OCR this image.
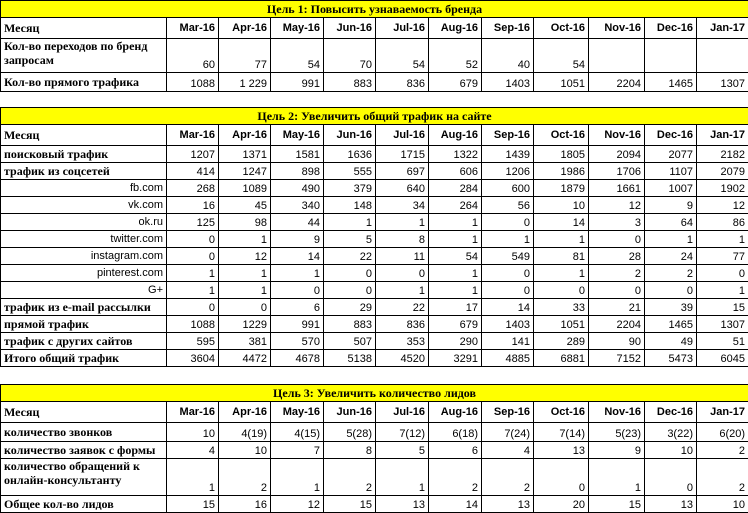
Цель 1: Повысить узнаваемость бренда											
Месяц	Mar-16	Apr-16	May-16	Jun-16	Jul-16	Aug-16	Sep-16	Oct-16	Nov-16	Dec-16	Jan-17
Кол-во переходов по бренд запросам	60	77	54	70	54	52	40	54			
Кол-во прямого трафика	1088	1 229	991	883	836	679	1403	1051	2204	1465	1307

Цель 2: Увеличить общий трафик на сайте											
Месяц	Mar-16	Apr-16	May-16	Jun-16	Jul-16	Aug-16	Sep-16	Oct-16	Nov-16	Dec-16	Jan-17
поисковый трафик	1207	1371	1581	1636	1715	1322	1439	1805	2094	2077	2182
трафик из соцсетей	414	1247	898	555	697	606	1206	1986	1706	1107	2079
fb.com	268	1089	490	379	640	284	600	1879	1661	1007	1902
vk.com	16	45	340	148	34	264	56	10	12	9	12
ok.ru	125	98	44	1	1	1	0	14	3	64	86
twitter.com	0	1	9	5	8	1	1	1	0	1	1
instagram.com	0	12	14	22	11	54	549	81	28	24	77
pinterest.com	1	1	1	0	0	1	0	1	2	2	0
G+	1	1	0	0	1	1	0	0	0	0	1
трафик из e-mail рассылки	0	0	6	29	22	17	14	33	21	39	15
прямой трафик	1088	1229	991	883	836	679	1403	1051	2204	1465	1307
трафик с других сайтов	595	381	570	507	353	290	141	289	90	49	51
Итого общий трафик	3604	4472	4678	5138	4520	3291	4885	6881	7152	5473	6045

Цель 3: Увеличить количество лидов											
Месяц	Mar-16	Apr-16	May-16	Jun-16	Jul-16	Aug-16	Sep-16	Oct-16	Nov-16	Dec-16	Jan-17
количество звонков	10	4(19)	4(15)	5(28)	7(12)	6(18)	7(24)	7(14)	5(23)	3(22)	6(20)
количество заявок с формы	4	10	7	8	5	6	4	13	9	10	2
количество обращений к онлайн-консультанту	1	2	1	2	1	2	2	0	1	0	2
Общее кол-во лидов	15	16	12	15	13	14	13	20	15	13	10
